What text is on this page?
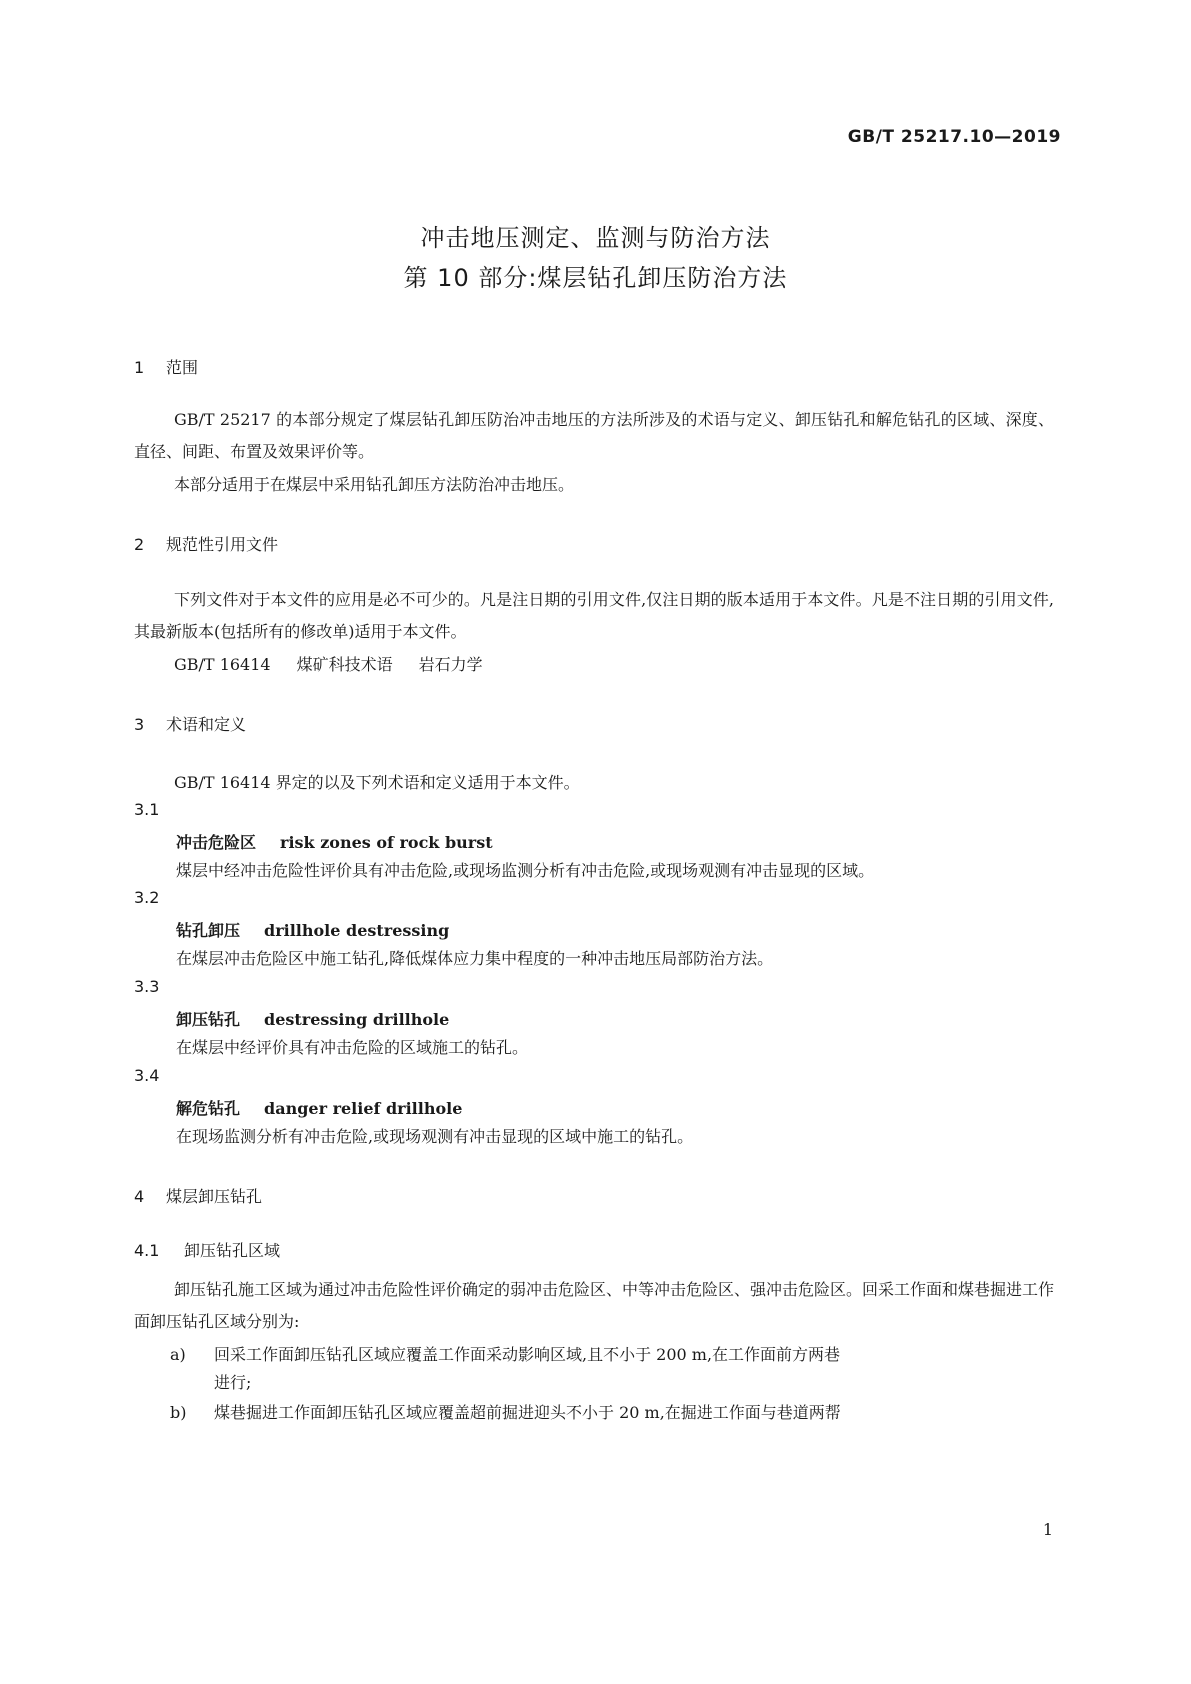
GB/T 25217.10—2019
冲击地压测定、监测与防治方法
第 10 部分:煤层钻孔卸压防治方法
1 范围
GB/T 25217 的本部分规定了煤层钻孔卸压防治冲击地压的方法所涉及的术语与定义、卸压钻孔和解危钻孔的区域、深度、直径、间距、布置及效果评价等。
本部分适用于在煤层中采用钻孔卸压方法防治冲击地压。
2 规范性引用文件
下列文件对于本文件的应用是必不可少的。凡是注日期的引用文件,仅注日期的版本适用于本文件。凡是不注日期的引用文件,其最新版本(包括所有的修改单)适用于本文件。
GB/T 16414 煤矿科技术语 岩石力学
3 术语和定义
GB/T 16414 界定的以及下列术语和定义适用于本文件。
3.1
冲击危险区 risk zones of rock burst
煤层中经冲击危险性评价具有冲击危险,或现场监测分析有冲击危险,或现场观测有冲击显现的区域。
3.2
钻孔卸压 drillhole destressing
在煤层冲击危险区中施工钻孔,降低煤体应力集中程度的一种冲击地压局部防治方法。
3.3
卸压钻孔 destressing drillhole
在煤层中经评价具有冲击危险的区域施工的钻孔。
3.4
解危钻孔 danger relief drillhole
在现场监测分析有冲击危险,或现场观测有冲击显现的区域中施工的钻孔。
4 煤层卸压钻孔
4.1 卸压钻孔区域
卸压钻孔施工区域为通过冲击危险性评价确定的弱冲击危险区、中等冲击危险区、强冲击危险区。回采工作面和煤巷掘进工作面卸压钻孔区域分别为:
a) 回采工作面卸压钻孔区域应覆盖工作面采动影响区域,且不小于 200 m,在工作面前方两巷
进行;
b) 煤巷掘进工作面卸压钻孔区域应覆盖超前掘进迎头不小于 20 m,在掘进工作面与巷道两帮
1
